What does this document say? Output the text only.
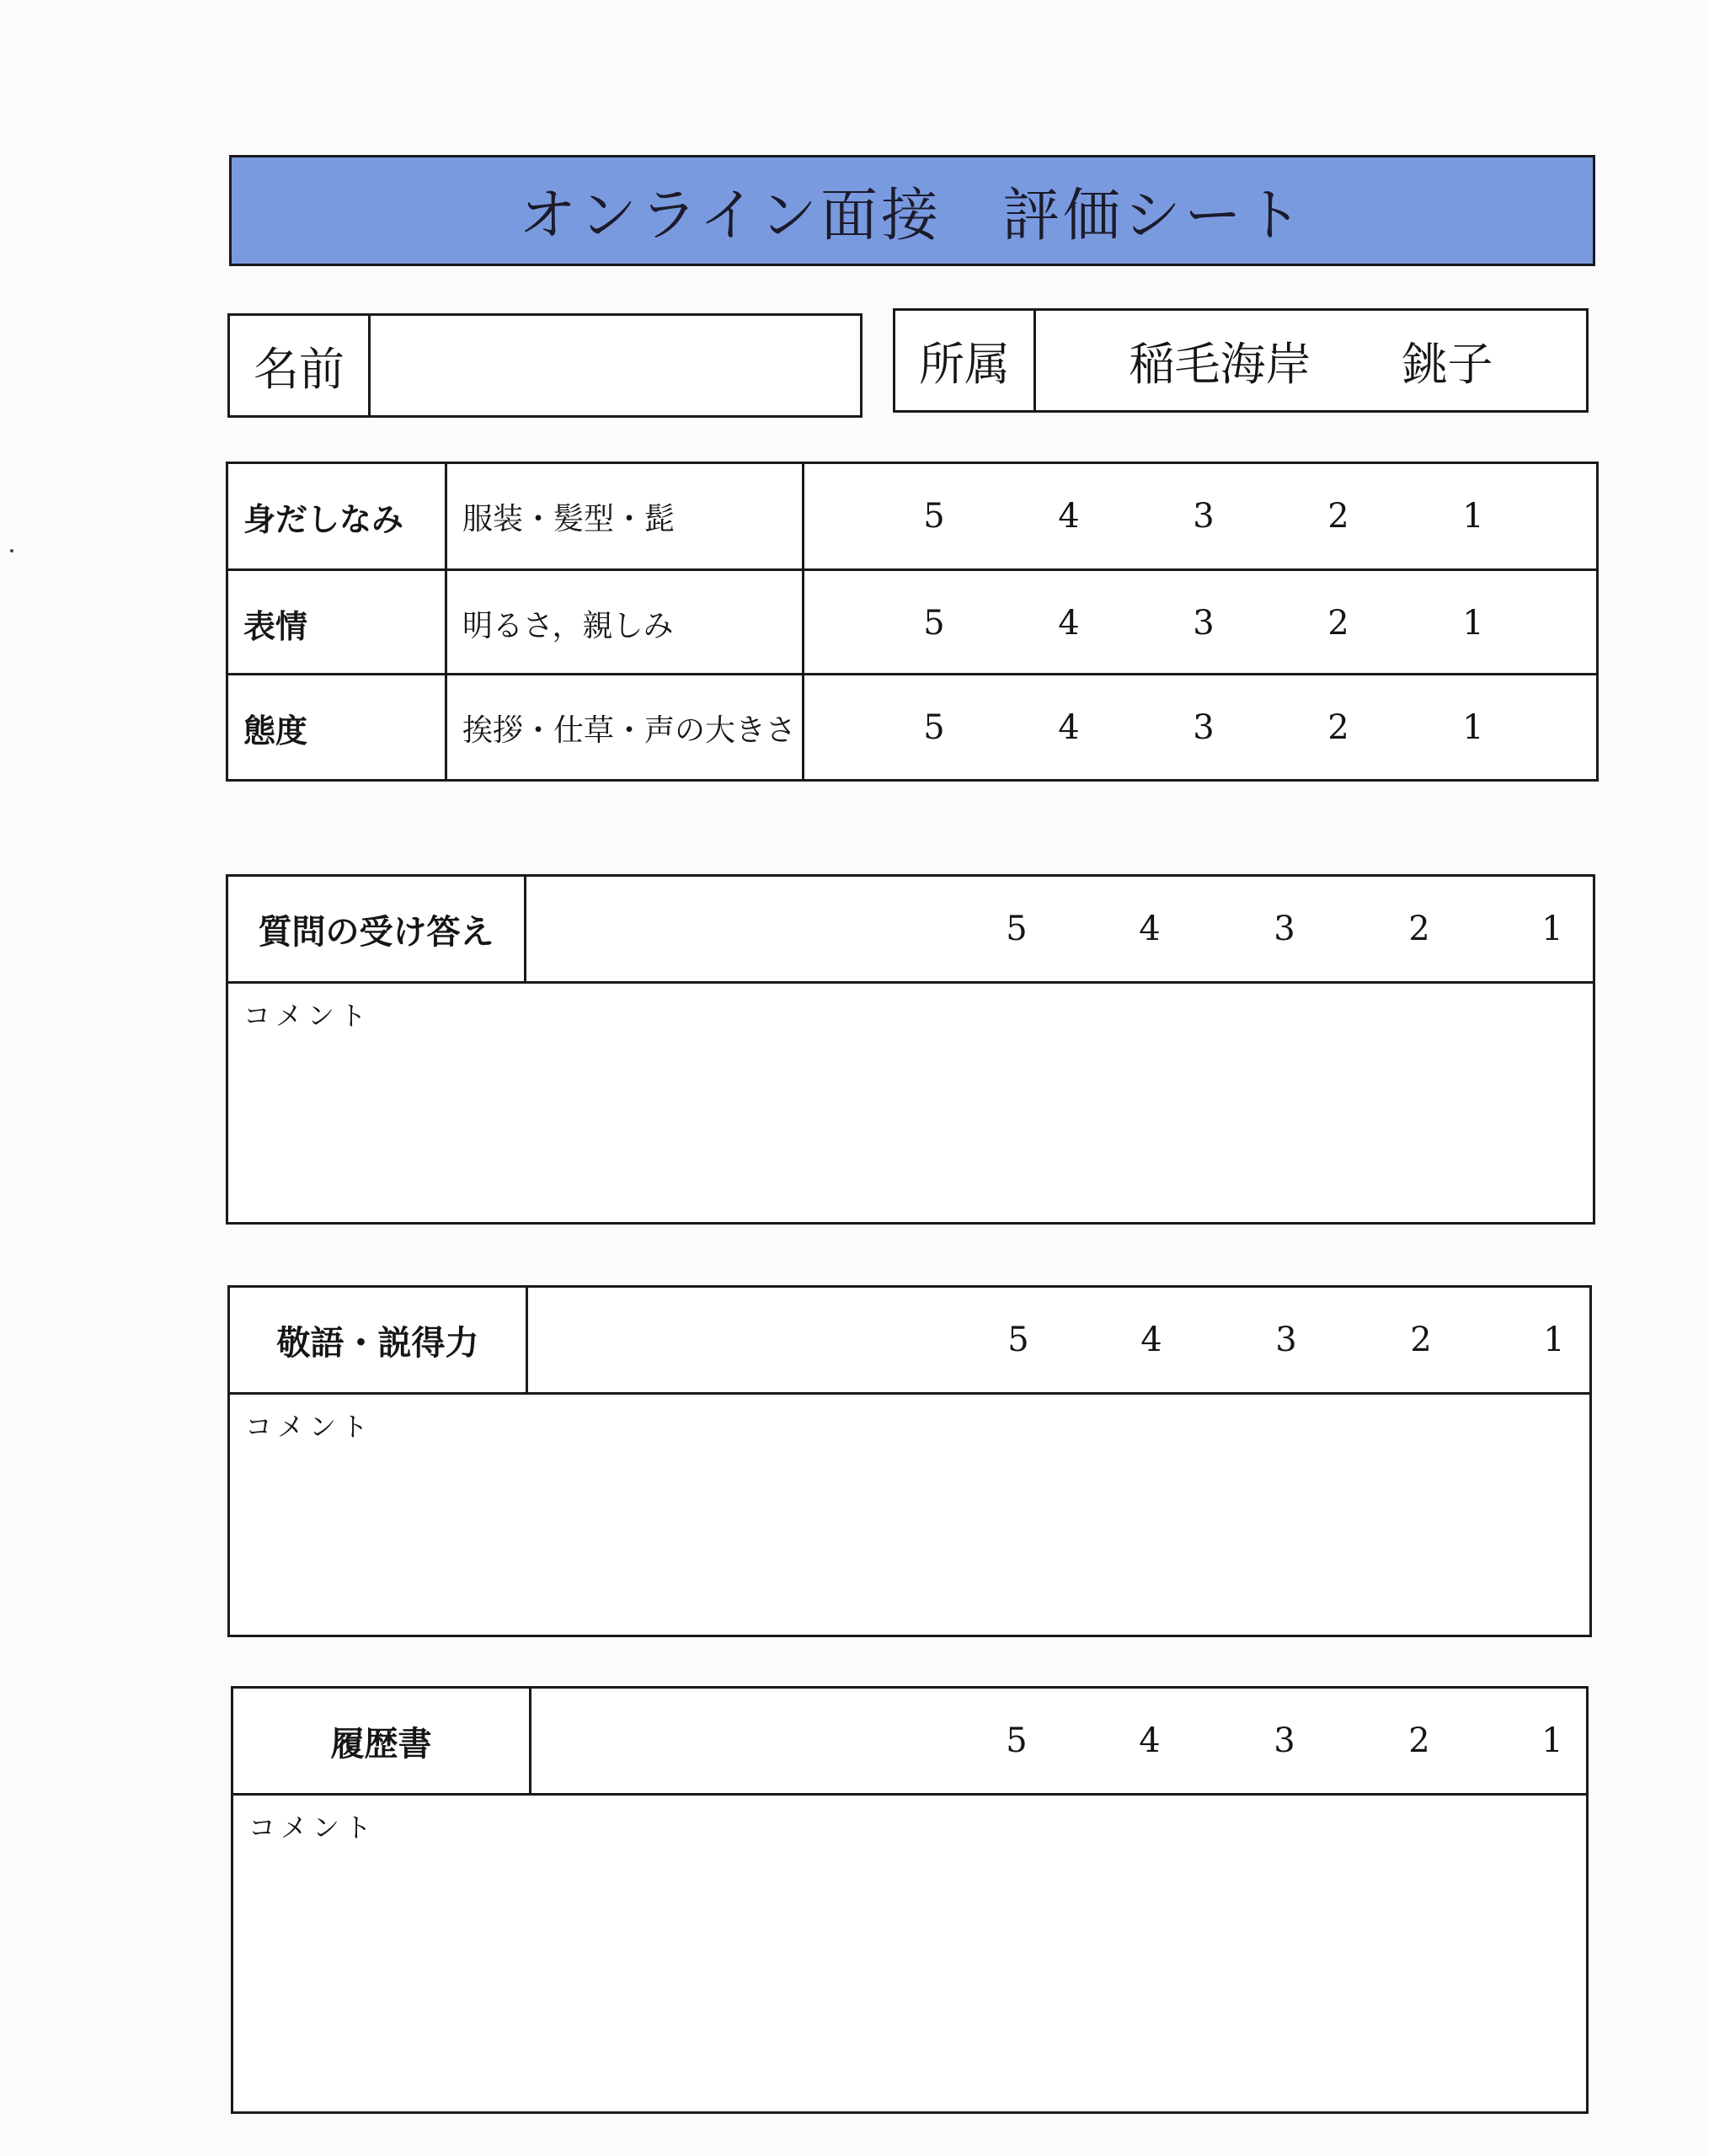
オンライン面接　評価シート
名前	所属	稲毛海岸　　銚子
身だしなみ	服装・髪型・髭	5	4	3	2	1
表情	明るさ，親しみ	5	4	3	2	1
態度	挨拶・仕草・声の大きさ	5	4	3	2	1
質問の受け答え	5	4	3	2	1
コメント
敬語・説得力	5	4	3	2	1
コメント
履歴書	5	4	3	2	1
コメント
